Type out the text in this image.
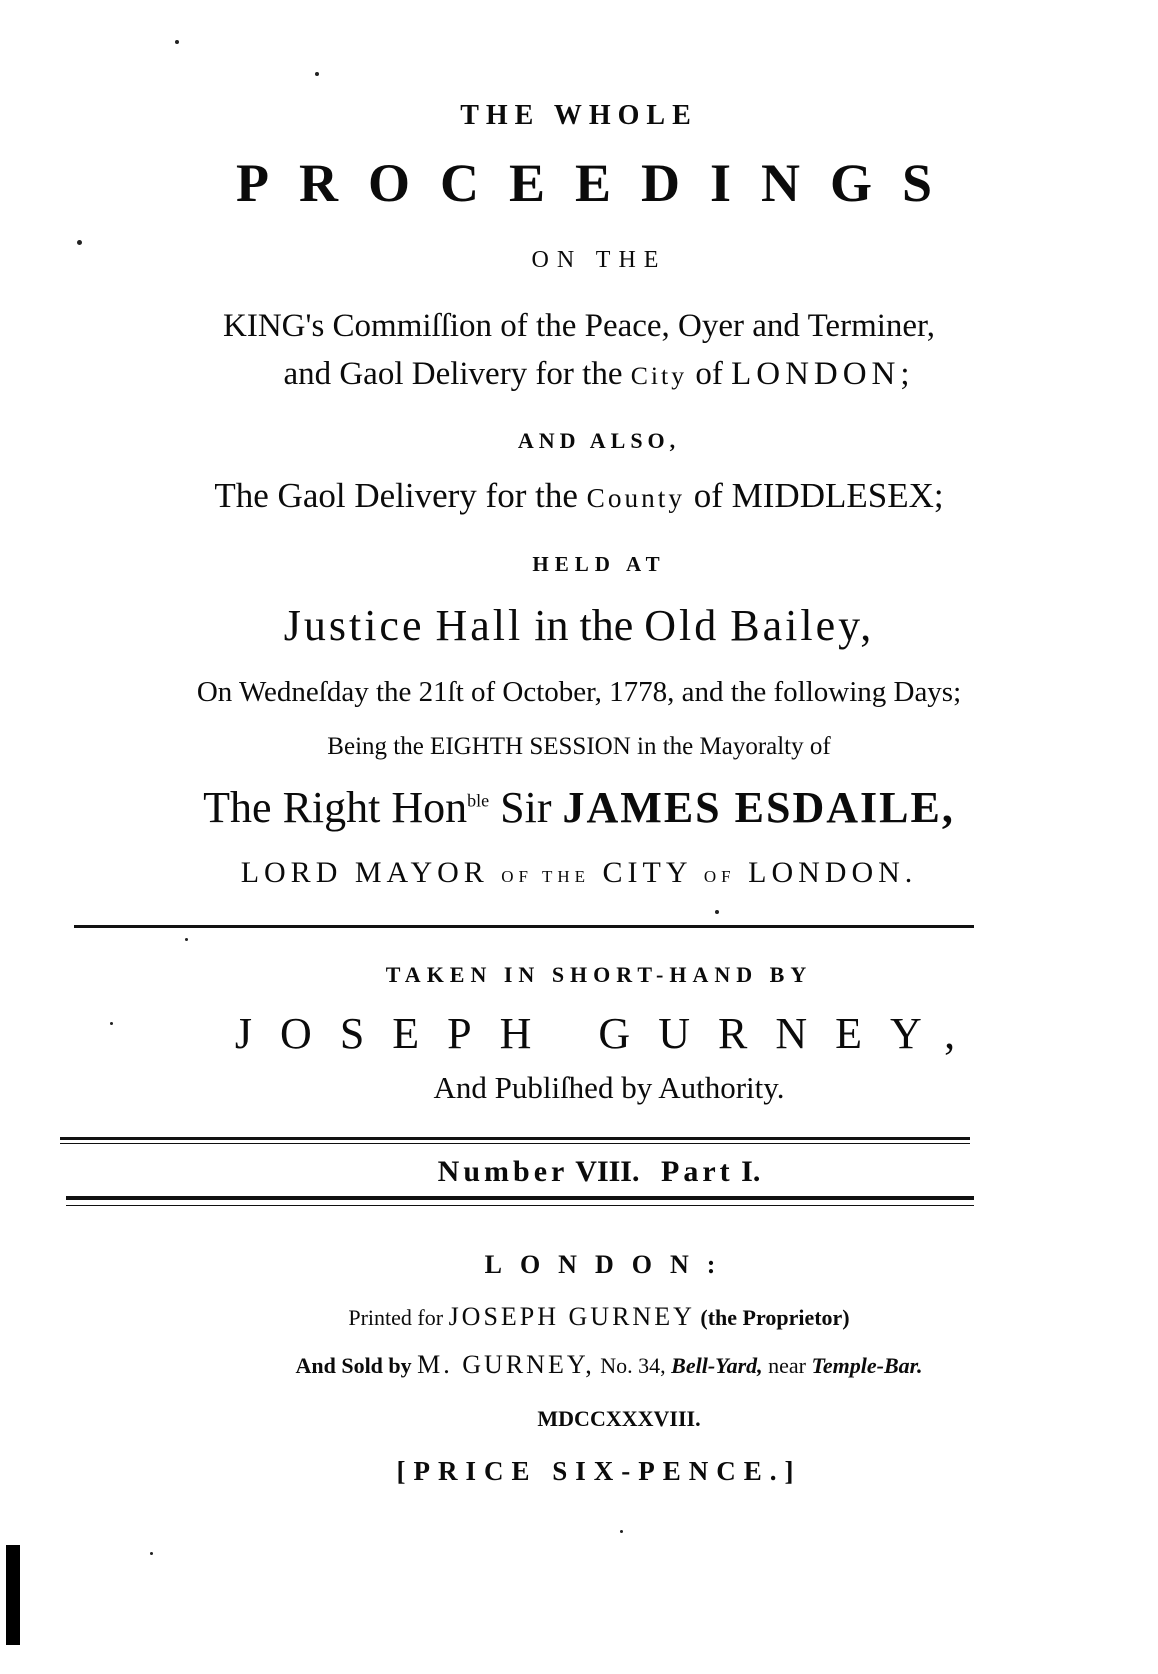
THE WHOLE
PROCEEDINGS
ON THE
KING's Commiſſion of the Peace, Oyer and Terminer,
and Gaol Delivery for the City of LONDON;
AND ALSO,
The Gaol Delivery for the County of MIDDLESEX;
HELD AT
Justice Hall in the Old Bailey,
On Wedneſday the 21ſt of October, 1778, and the following Days;
Being the EIGHTH SESSION in the Mayoralty of
The Right Hon$^{ble}$ Sir JAMES ESDAILE,
LORD MAYOR OF THE CITY OF LONDON.
TAKEN IN SHORT-HAND BY
JOSEPH GURNEY,
And Publiſhed by Authority.
Number VIII. Part I.
LONDON:
Printed for JOSEPH GURNEY (the Proprietor)
And Sold by M. GURNEY, No. 34, Bell-Yard, near Temple-Bar.
MDCCXXXVIII.
[PRICE SIX-PENCE.]
